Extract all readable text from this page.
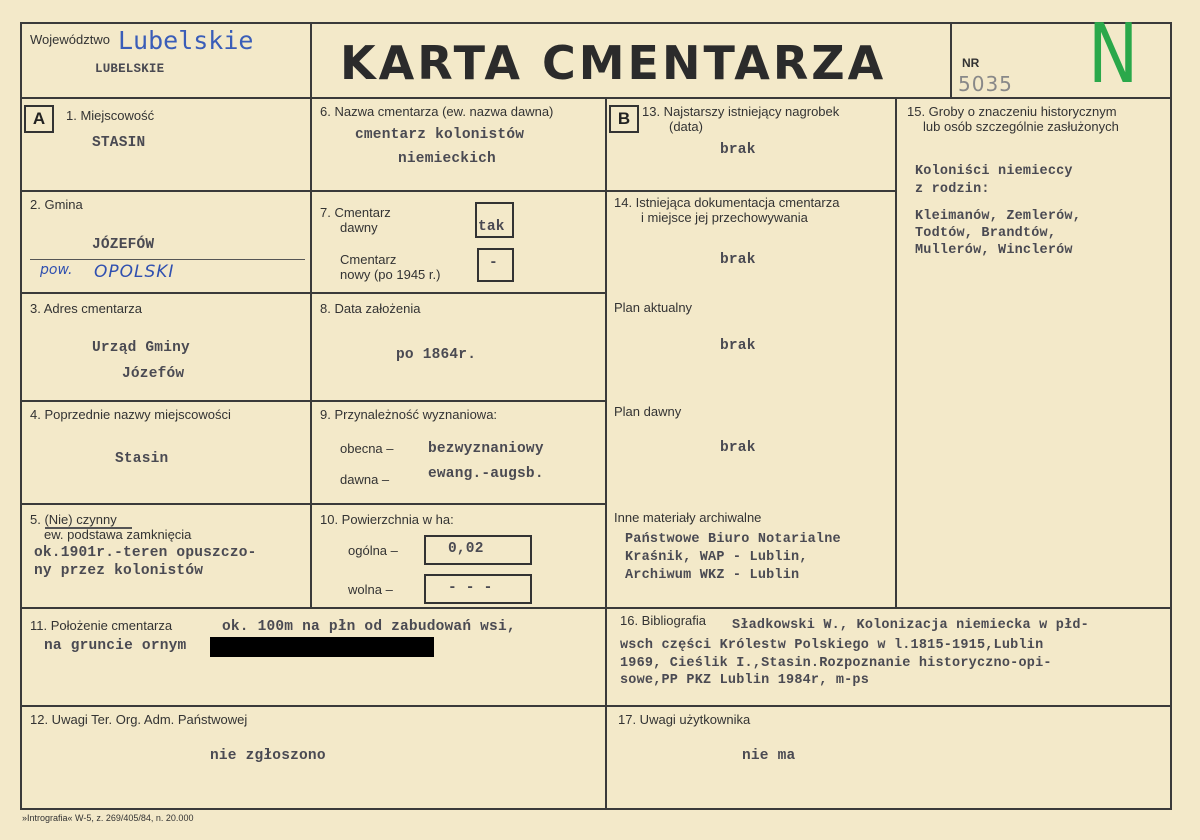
Województwo Lubelskie
LUBELSKIE	KARTA CMENTARZA	NR
5035 N
A	1. Miejscowość
STASIN
2. Gmina
JÓZEFÓW
pow. OPOLSKI
3. Adres cmentarza
Urząd Gminy
Józefów
4. Poprzednie nazwy miejscowości
Stasin
5. (Nie) czynny
ew. podstawa zamknięcia
ok.1901r.-teren opuszczo-
ny przez kolonistów
6. Nazwa cmentarza (ew. nazwa dawna)
cmentarz kolonistów
niemieckich
7. Cmentarz
dawny	tak
Cmentarz
nowy (po 1945 r.)
-
8. Data założenia
po 1864r.
9. Przynależność wyznaniowa:
obecna – bezwyznaniowy
dawna –	ewang.-augsb.
10. Powierzchnia w ha:
ogólna –	0,02
wolna –	- - -
B 13. Najstarszy istniejący nagrobek
(data)
brak
14. Istniejąca dokumentacja cmentarza
i miejsce jej przechowywania
brak
Plan aktualny
brak
Plan dawny
brak
Inne materiały archiwalne
Państwowe Biuro Notarialne
Kraśnik, WAP - Lublin,
Archiwum WKZ - Lublin
15. Groby o znaczeniu historycznym
lub osób szczególnie zasłużonych
Koloniści niemieccy
z rodzin:
Kleimanów, Zemlerów,
Todtów, Brandtów,
Mullerów, Winclerów
11. Położenie cmentarza	ok. 100m na płn od zabudowań wsi,
na gruncie ornym
16. Bibliografia Sładkowski W., Kolonizacja niemiecka w płd-
wsch części Królestw Polskiego w l.1815-1915,Lublin
1969, Cieślik I.,Stasin.Rozpoznanie historyczno-opi-
sowe,PP PKZ Lublin 1984r, m-ps
12. Uwagi Ter. Org. Adm. Państwowej
nie zgłoszono
17. Uwagi użytkownika
nie ma
»Intrografia« W-5, z. 269/405/84, n. 20.000
